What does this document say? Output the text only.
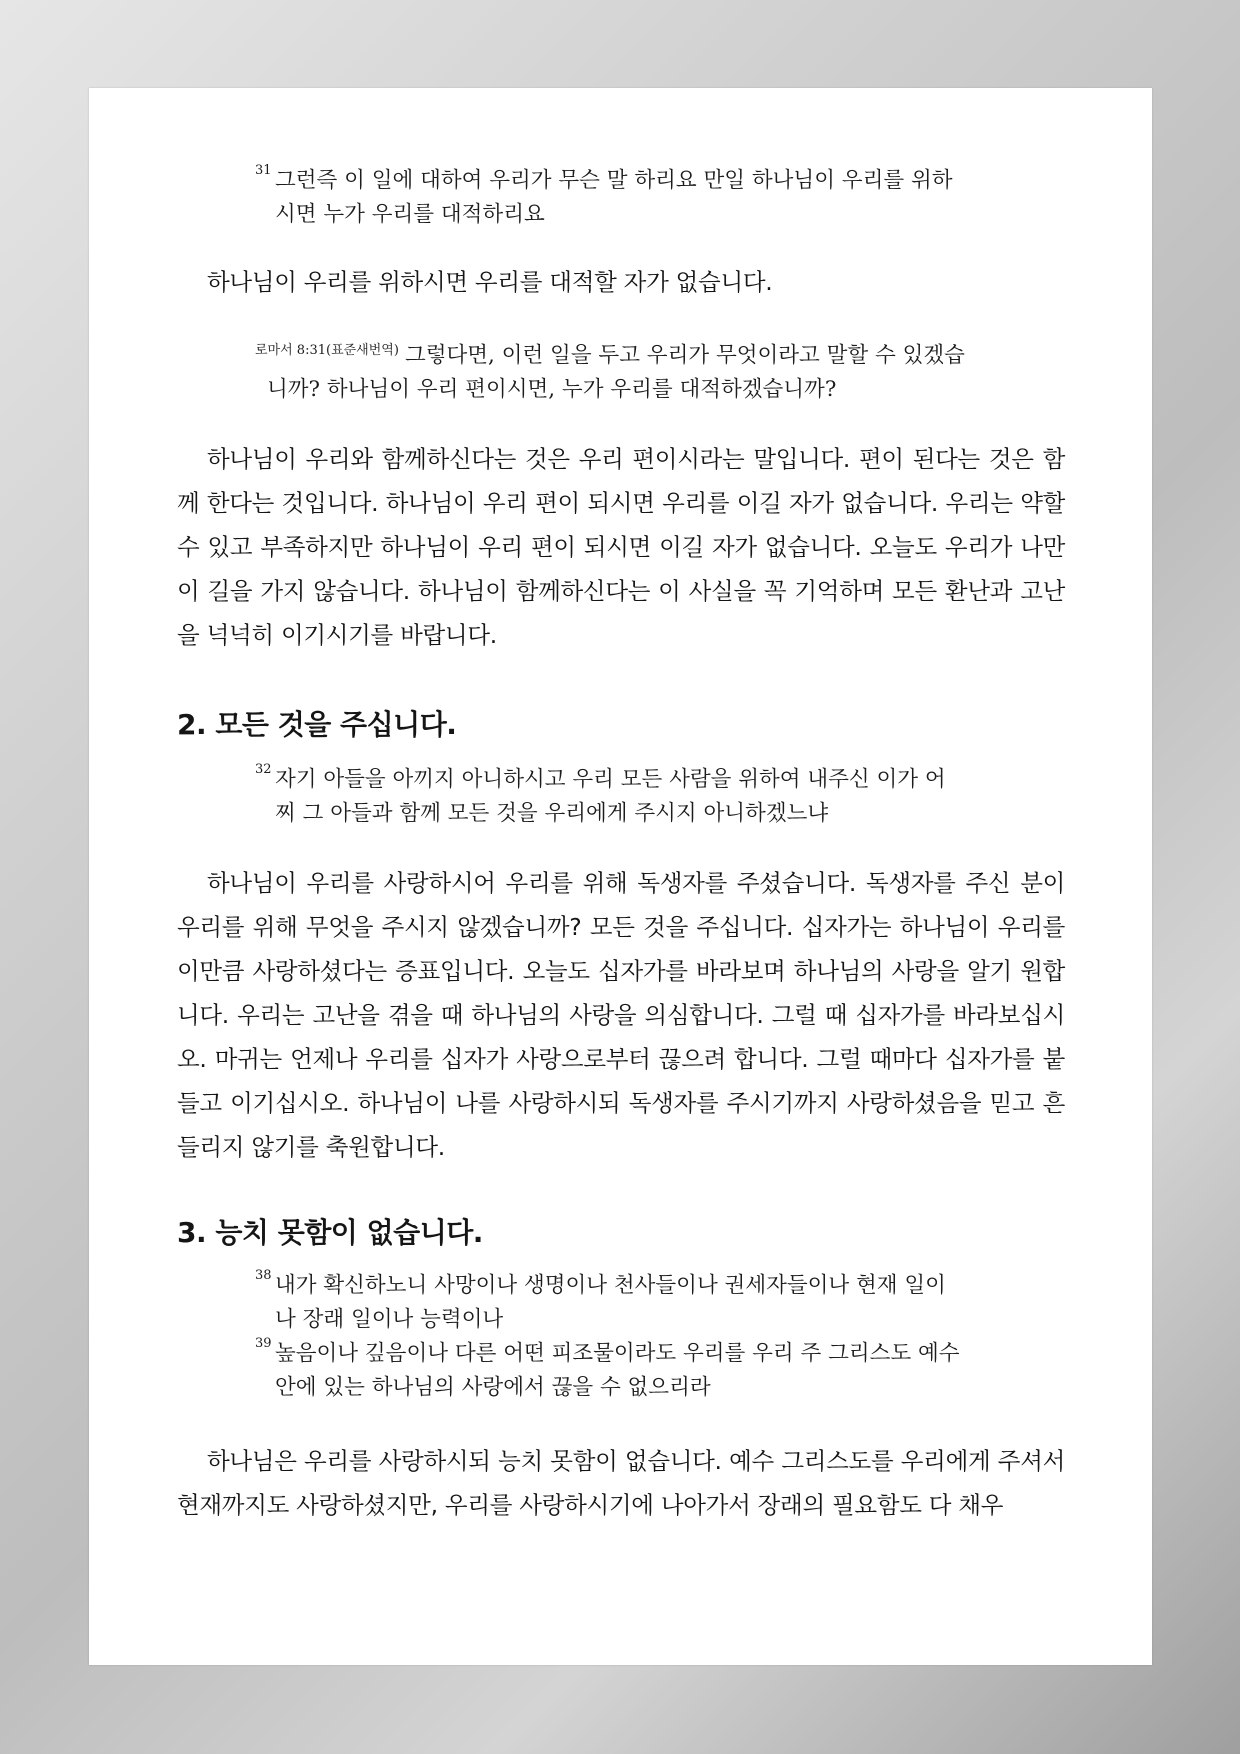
31 그런즉 이 일에 대하여 우리가 무슨 말 하리요 만일 하나님이 우리를 위하
시면 누가 우리를 대적하리요

하나님이 우리를 위하시면 우리를 대적할 자가 없습니다.

$^{로마서 8:31(표준새번역)}$ 그렇다면, 이런 일을 두고 우리가 무엇이라고 말할 수 있겠습
니까? 하나님이 우리 편이시면, 누가 우리를 대적하겠습니까?

하나님이 우리와 함께하신다는 것은 우리 편이시라는 말입니다. 편이 된다는 것은 함께 한다는 것입니다. 하나님이 우리 편이 되시면 우리를 이길 자가 없습니다. 우리는 약할 수 있고 부족하지만 하나님이 우리 편이 되시면 이길 자가 없습니다. 오늘도 우리가 나만 이 길을 가지 않습니다. 하나님이 함께하신다는 이 사실을 꼭 기억하며 모든 환난과 고난을 넉넉히 이기시기를 바랍니다.

2. 모든 것을 주십니다.
32 자기 아들을 아끼지 아니하시고 우리 모든 사람을 위하여 내주신 이가 어
찌 그 아들과 함께 모든 것을 우리에게 주시지 아니하겠느냐

하나님이 우리를 사랑하시어 우리를 위해 독생자를 주셨습니다. 독생자를 주신 분이 우리를 위해 무엇을 주시지 않겠습니까? 모든 것을 주십니다. 십자가는 하나님이 우리를 이만큼 사랑하셨다는 증표입니다. 오늘도 십자가를 바라보며 하나님의 사랑을 알기 원합니다. 우리는 고난을 겪을 때 하나님의 사랑을 의심합니다. 그럴 때 십자가를 바라보십시오. 마귀는 언제나 우리를 십자가 사랑으로부터 끊으려 합니다. 그럴 때마다 십자가를 붙들고 이기십시오. 하나님이 나를 사랑하시되 독생자를 주시기까지 사랑하셨음을 믿고 흔들리지 않기를 축원합니다.

3. 능치 못함이 없습니다.
38 내가 확신하노니 사망이나 생명이나 천사들이나 권세자들이나 현재 일이
나 장래 일이나 능력이나
39 높음이나 깊음이나 다른 어떤 피조물이라도 우리를 우리 주 그리스도 예수
안에 있는 하나님의 사랑에서 끊을 수 없으리라

하나님은 우리를 사랑하시되 능치 못함이 없습니다. 예수 그리스도를 우리에게 주셔서 현재까지도 사랑하셨지만, 우리를 사랑하시기에 나아가서 장래의 필요함도 다 채우
